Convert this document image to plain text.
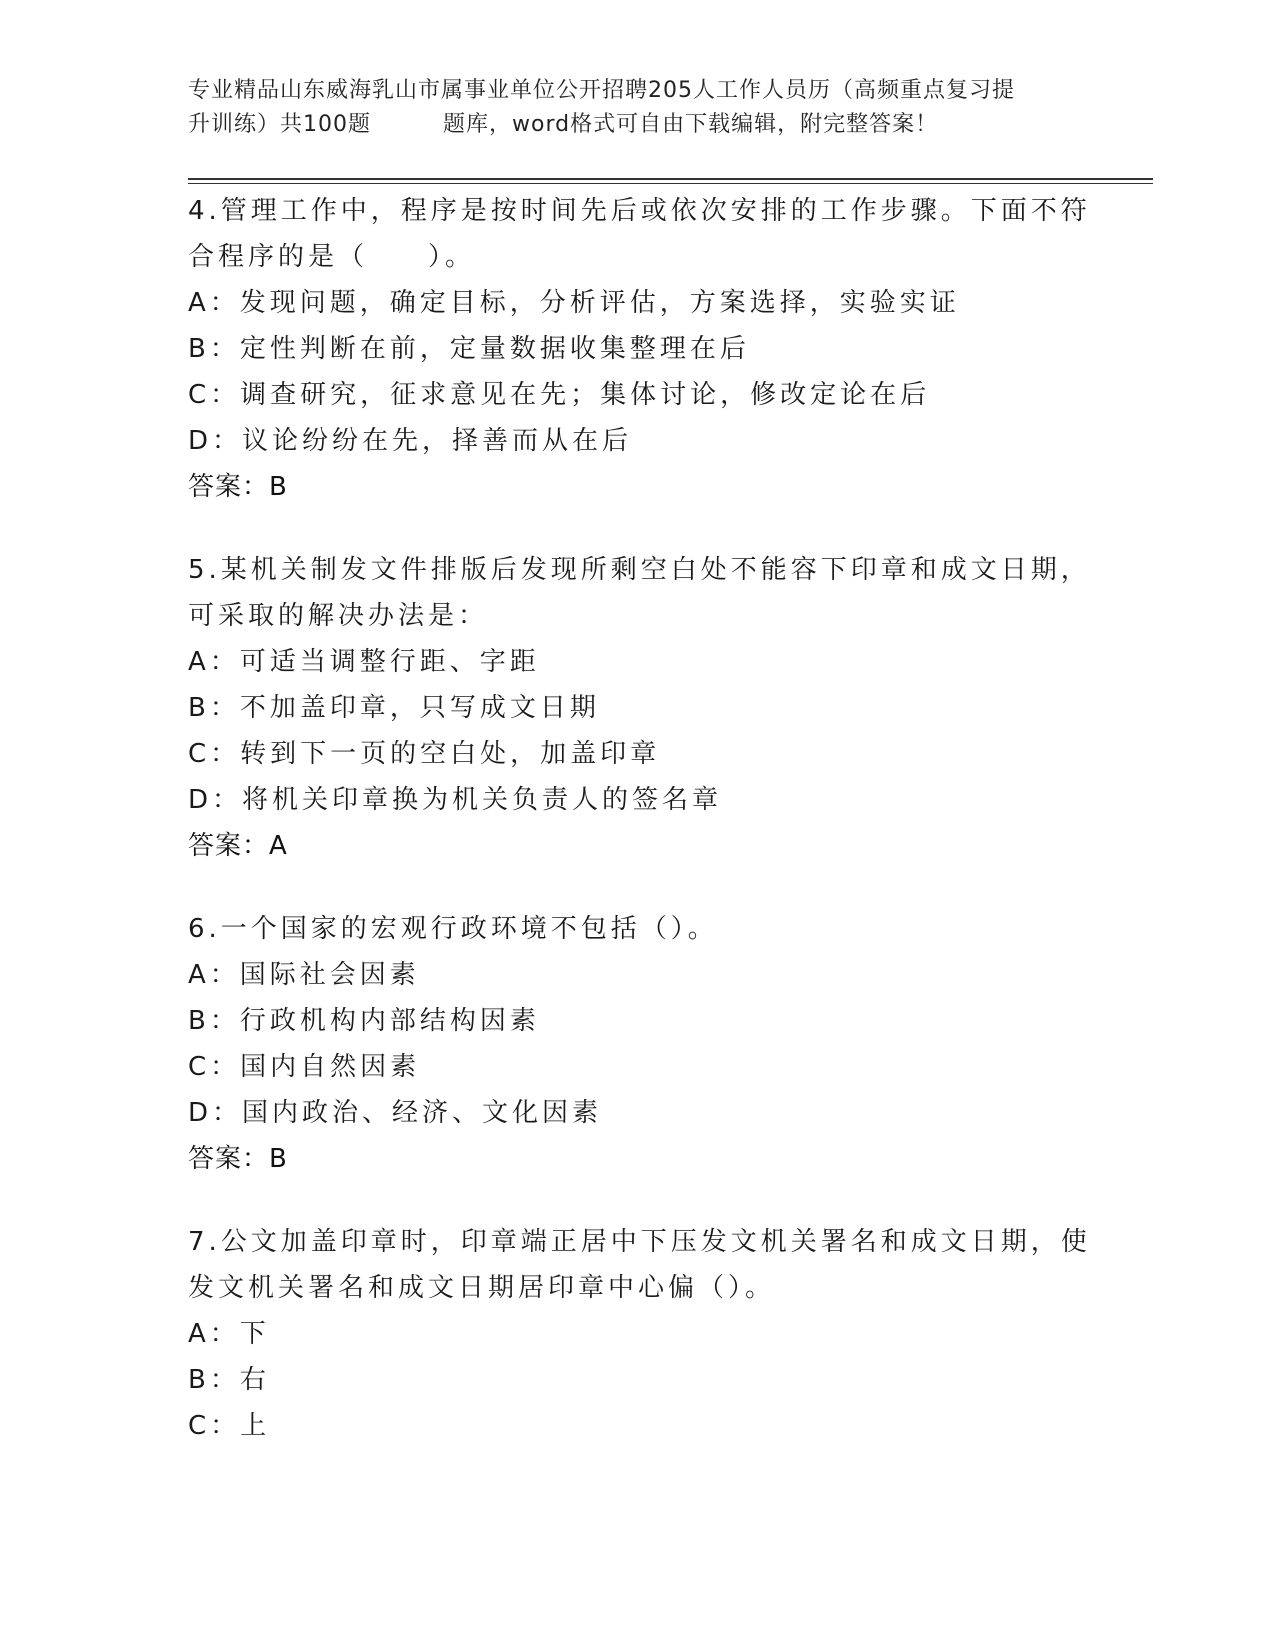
专业精品山东威海乳山市属事业单位公开招聘205人工作人员历（高频重点复习提
升训练）共100题	题库，word格式可自由下载编辑，附完整答案！
4.管理工作中，程序是按时间先后或依次安排的工作步骤。下面不符
合程序的是（　　）。
A：发现问题，确定目标，分析评估，方案选择，实验实证
B：定性判断在前，定量数据收集整理在后
C：调查研究，征求意见在先；集体讨论，修改定论在后
D：议论纷纷在先，择善而从在后
答案：B
5.某机关制发文件排版后发现所剩空白处不能容下印章和成文日期，
可采取的解决办法是：
A：可适当调整行距、字距
B：不加盖印章，只写成文日期
C：转到下一页的空白处，加盖印章
D：将机关印章换为机关负责人的签名章
答案：A
6.一个国家的宏观行政环境不包括（）。
A：国际社会因素
B：行政机构内部结构因素
C：国内自然因素
D：国内政治、经济、文化因素
答案：B
7.公文加盖印章时，印章端正居中下压发文机关署名和成文日期，使
发文机关署名和成文日期居印章中心偏（）。
A：下
B：右
C：上
